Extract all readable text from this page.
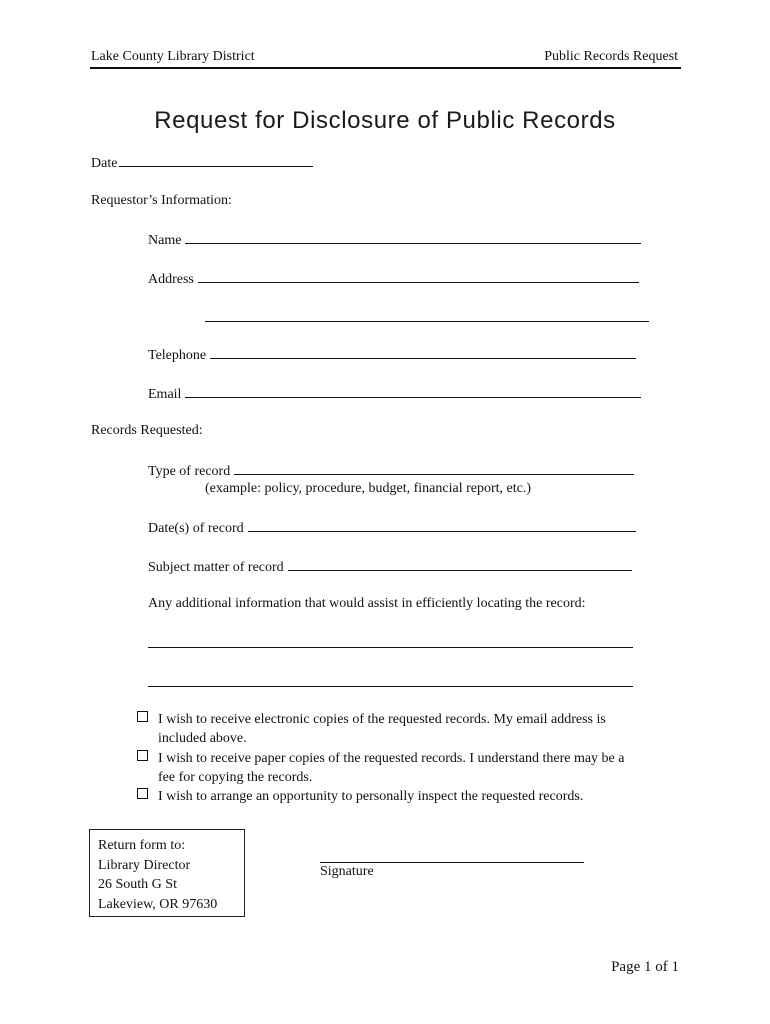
Lake County Library District	Public Records Request
Request for Disclosure of Public Records
Date
Requestor’s Information:
Name
Address
Telephone
Email
Records Requested:
Type of record
(example: policy, procedure, budget, financial report, etc.)
Date(s) of record
Subject matter of record
Any additional information that would assist in efficiently locating the record:
I wish to receive electronic copies of the requested records. My email address is
included above.
I wish to receive paper copies of the requested records. I understand there may be a
fee for copying the records.
I wish to arrange an opportunity to personally inspect the requested records.
Return form to:
Library Director
26 South G St
Lakeview, OR 97630
Signature
Page 1 of 1
